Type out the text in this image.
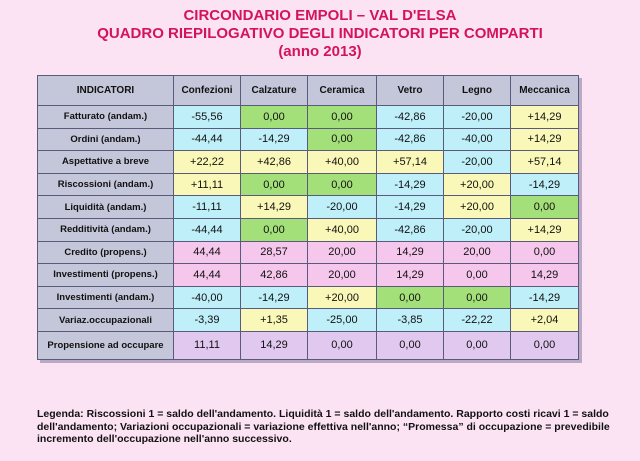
CIRCONDARIO EMPOLI – VAL D'ELSA
QUADRO RIEPILOGATIVO DEGLI INDICATORI PER COMPARTI
(anno 2013)
INDICATORI	Confezioni	Calzature	Ceramica	Vetro	Legno	Meccanica
Fatturato (andam.)	-55,56	0,00	0,00	-42,86	-20,00	+14,29
Ordini (andam.)	-44,44	-14,29	0,00	-42,86	-40,00	+14,29
Aspettative a breve	+22,22	+42,86	+40,00	+57,14	-20,00	+57,14
Riscossioni (andam.)	+11,11	0,00	0,00	-14,29	+20,00	-14,29
Liquidità (andam.)	-11,11	+14,29	-20,00	-14,29	+20,00	0,00
Redditività (andam.)	-44,44	0,00	+40,00	-42,86	-20,00	+14,29
Credito (propens.)	44,44	28,57	20,00	14,29	20,00	0,00
Investimenti (propens.)	44,44	42,86	20,00	14,29	0,00	14,29
Investimenti (andam.)	-40,00	-14,29	+20,00	0,00	0,00	-14,29
Variaz.occupazionali	-3,39	+1,35	-25,00	-3,85	-22,22	+2,04
Propensione ad occupare	11,11	14,29	0,00	0,00	0,00	0,00
Legenda: Riscossioni 1 = saldo dell'andamento. Liquidità 1 = saldo dell'andamento. Rapporto costi ricavi 1 = saldo dell'andamento; Variazioni occupazionali = variazione effettiva nell'anno; “Promessa” di occupazione = prevedibile incremento dell'occupazione nell'anno successivo.
